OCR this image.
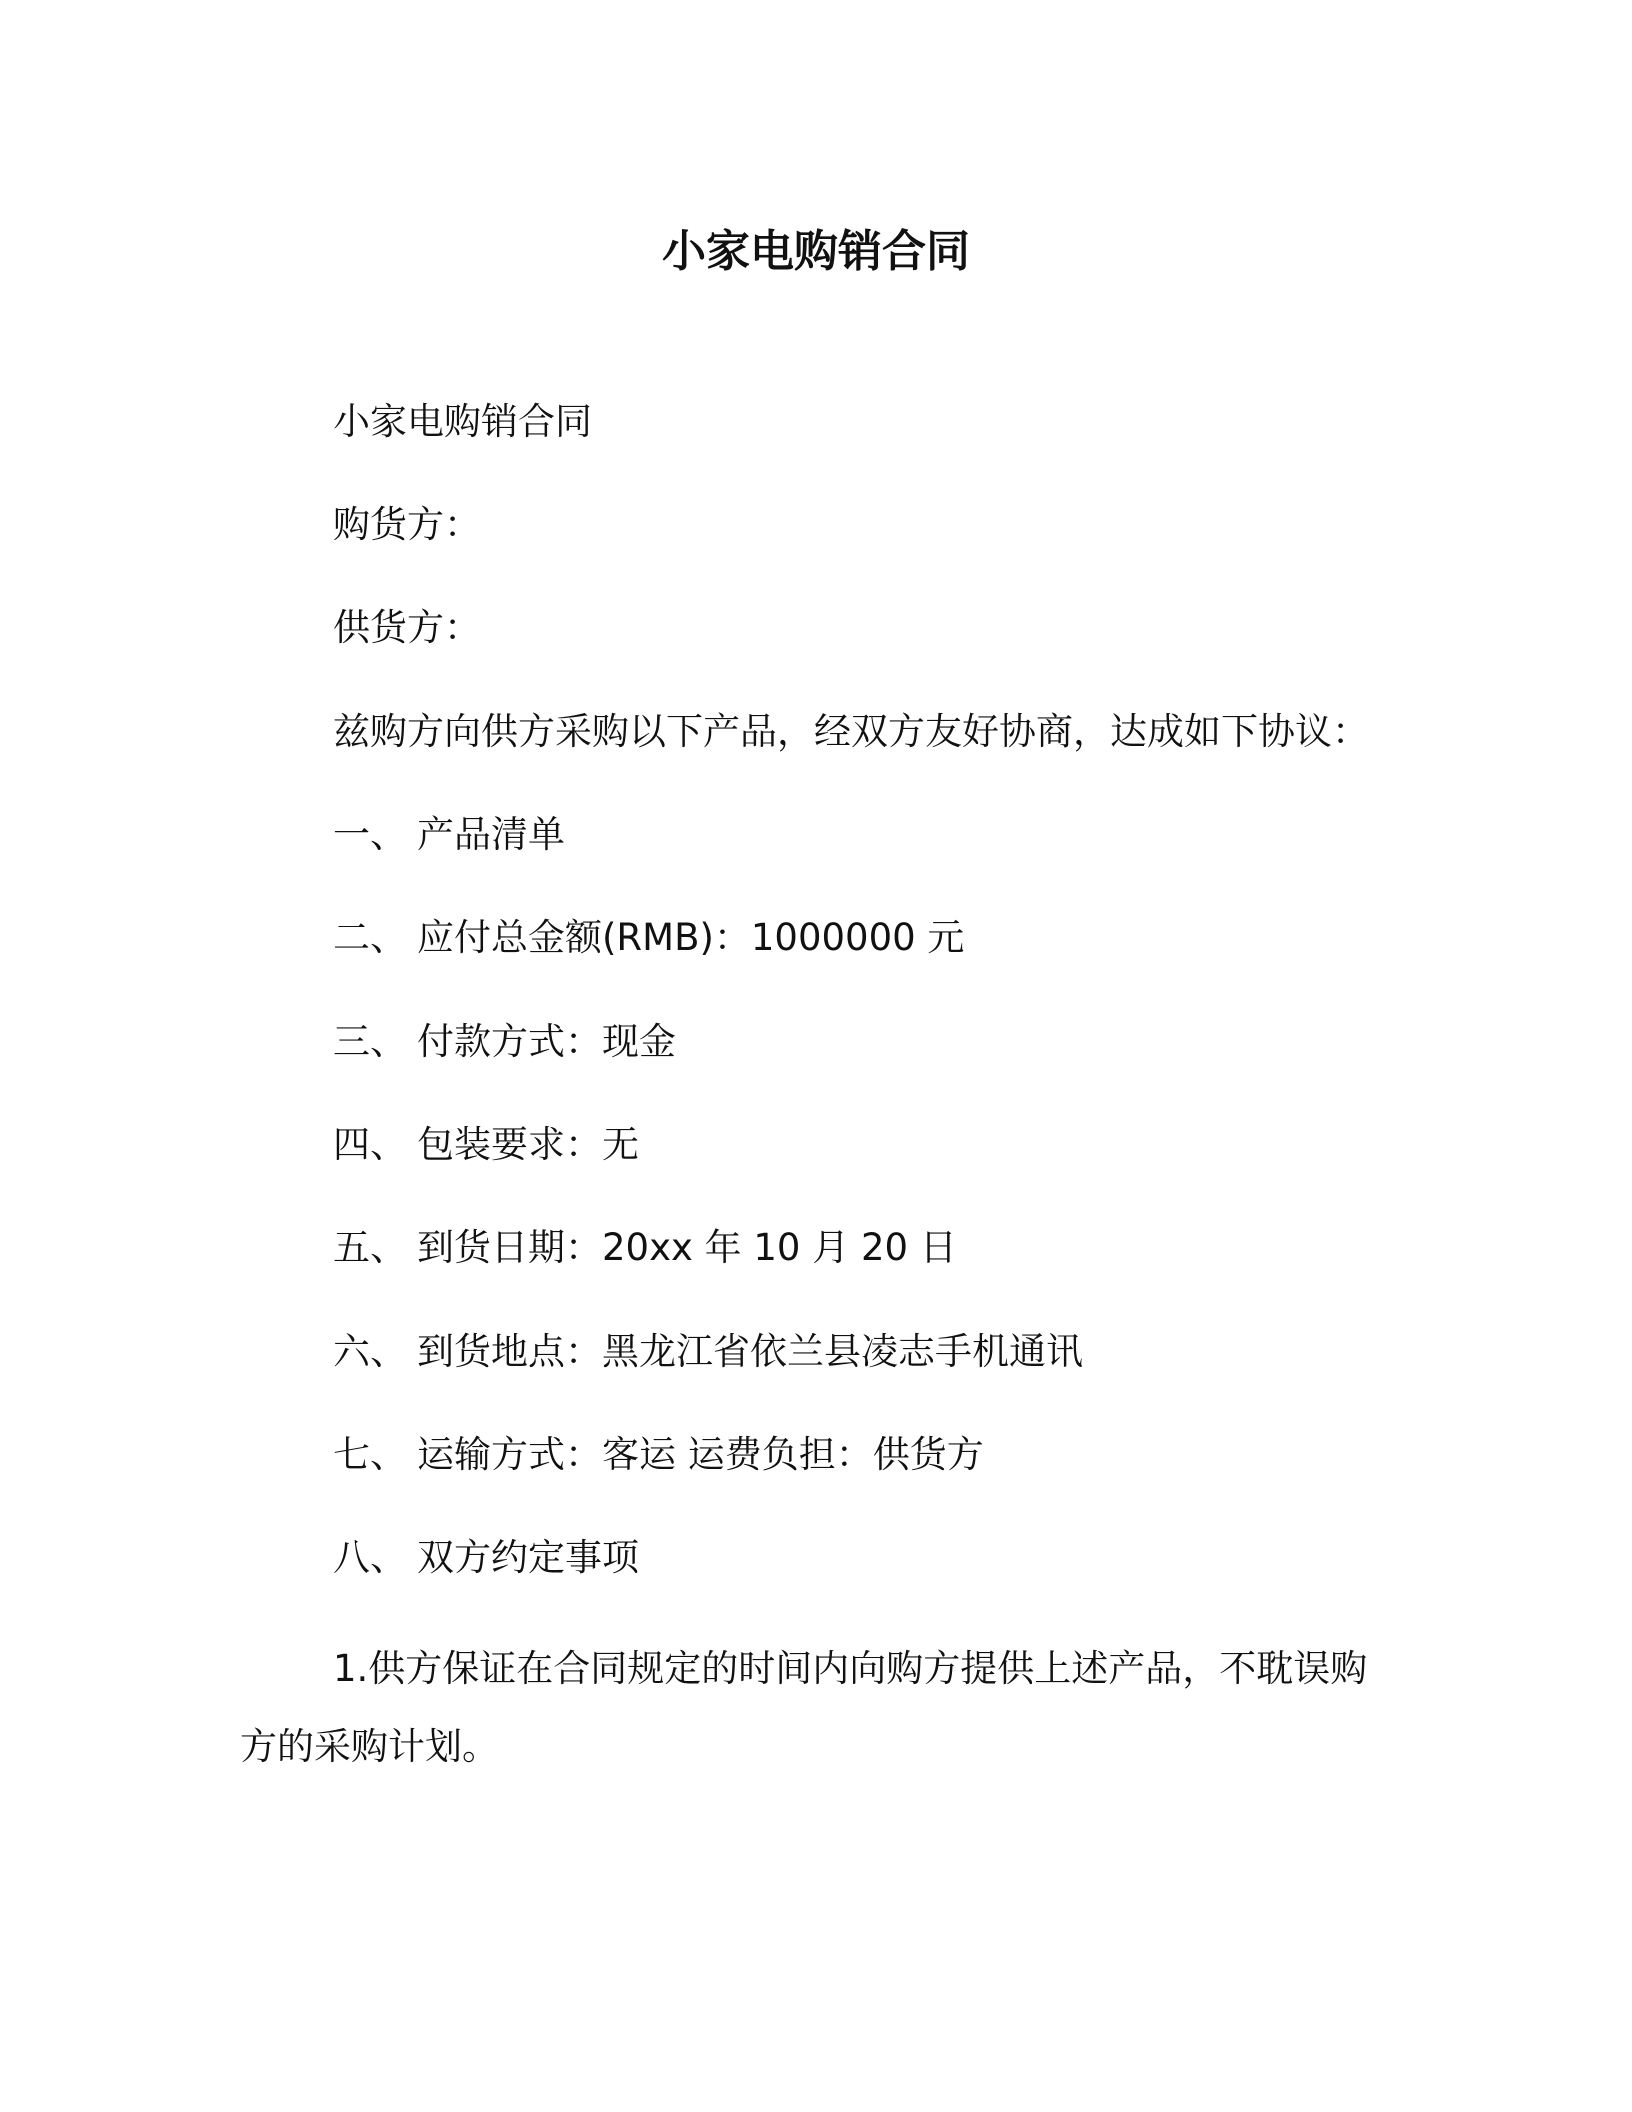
小家电购销合同
小家电购销合同
购货方：
供货方：
兹购方向供方采购以下产品，经双方友好协商，达成如下协议：
一、 产品清单
二、 应付总金额(RMB)：1000000 元
三、 付款方式：现金
四、 包装要求：无
五、 到货日期：20xx 年 10 月 20 日
六、 到货地点：黑龙江省依兰县凌志手机通讯
七、 运输方式：客运 运费负担：供货方
八、 双方约定事项
1.供方保证在合同规定的时间内向购方提供上述产品，不耽误购方的采购计划。
